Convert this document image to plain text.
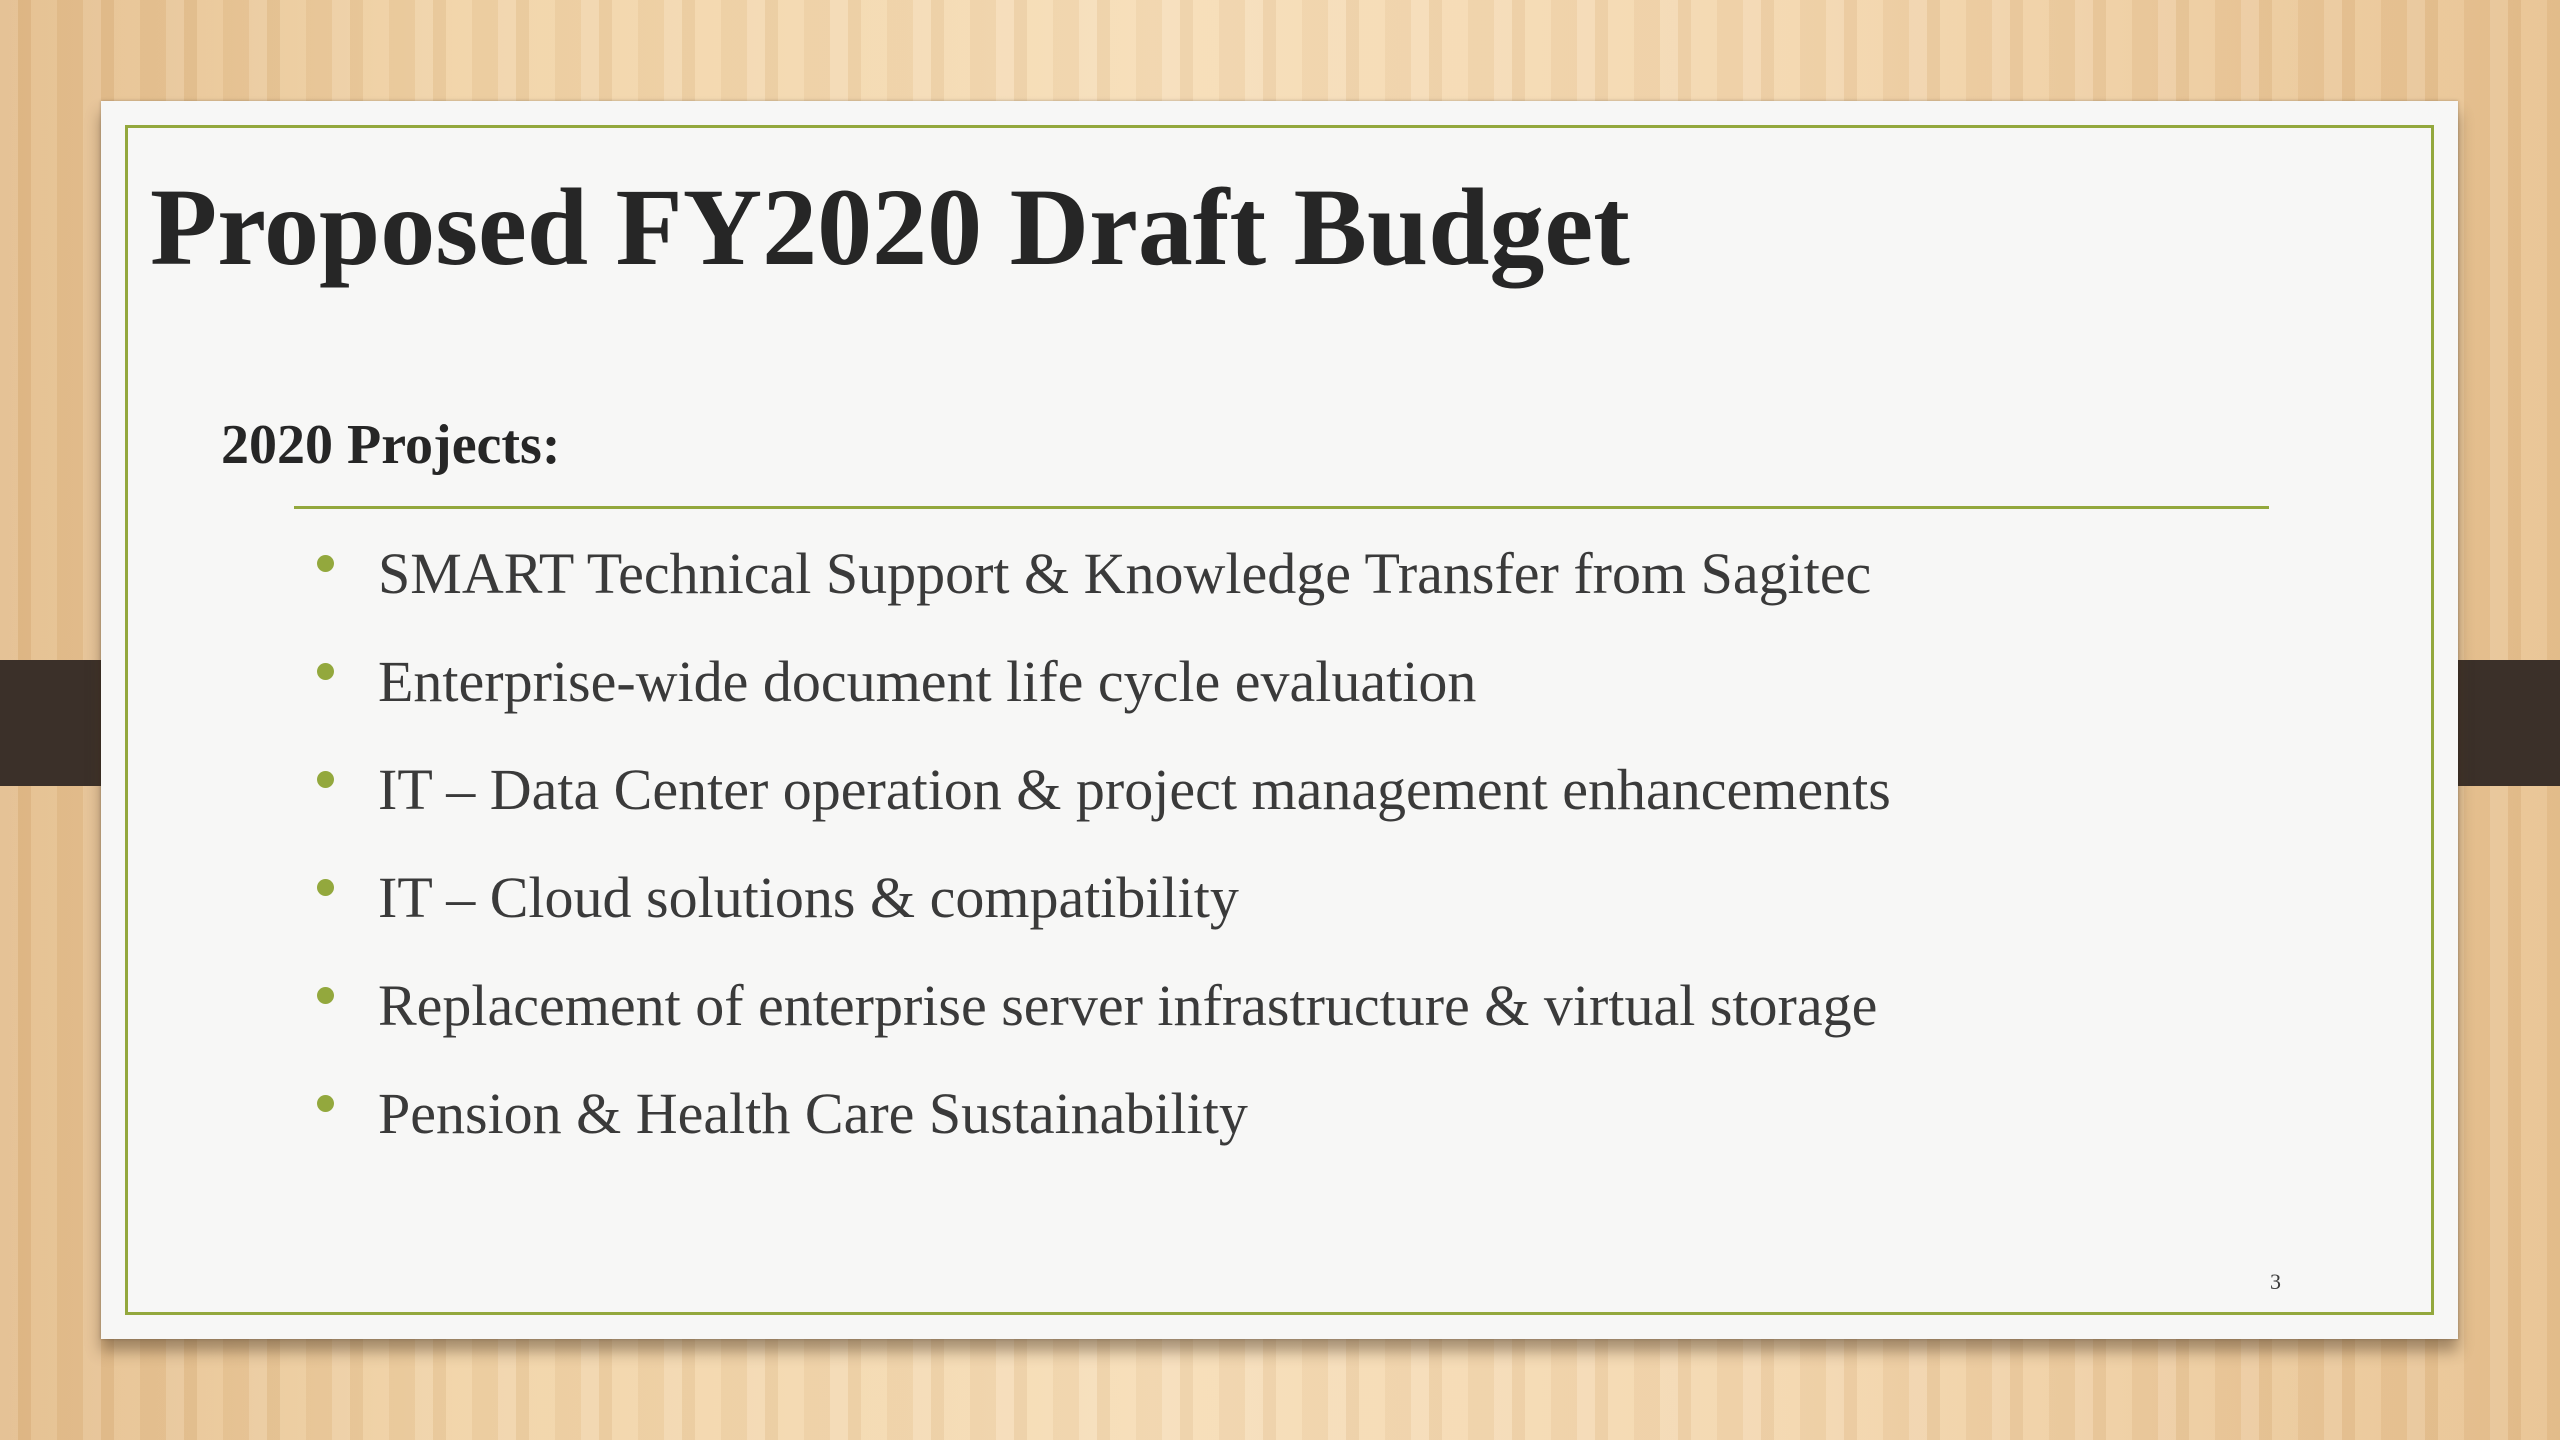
Proposed FY2020 Draft Budget
2020 Projects:
SMART Technical Support & Knowledge Transfer from Sagitec
Enterprise-wide document life cycle evaluation
IT – Data Center operation & project management enhancements
IT – Cloud solutions & compatibility
Replacement of enterprise server infrastructure & virtual storage
Pension & Health Care Sustainability
3
